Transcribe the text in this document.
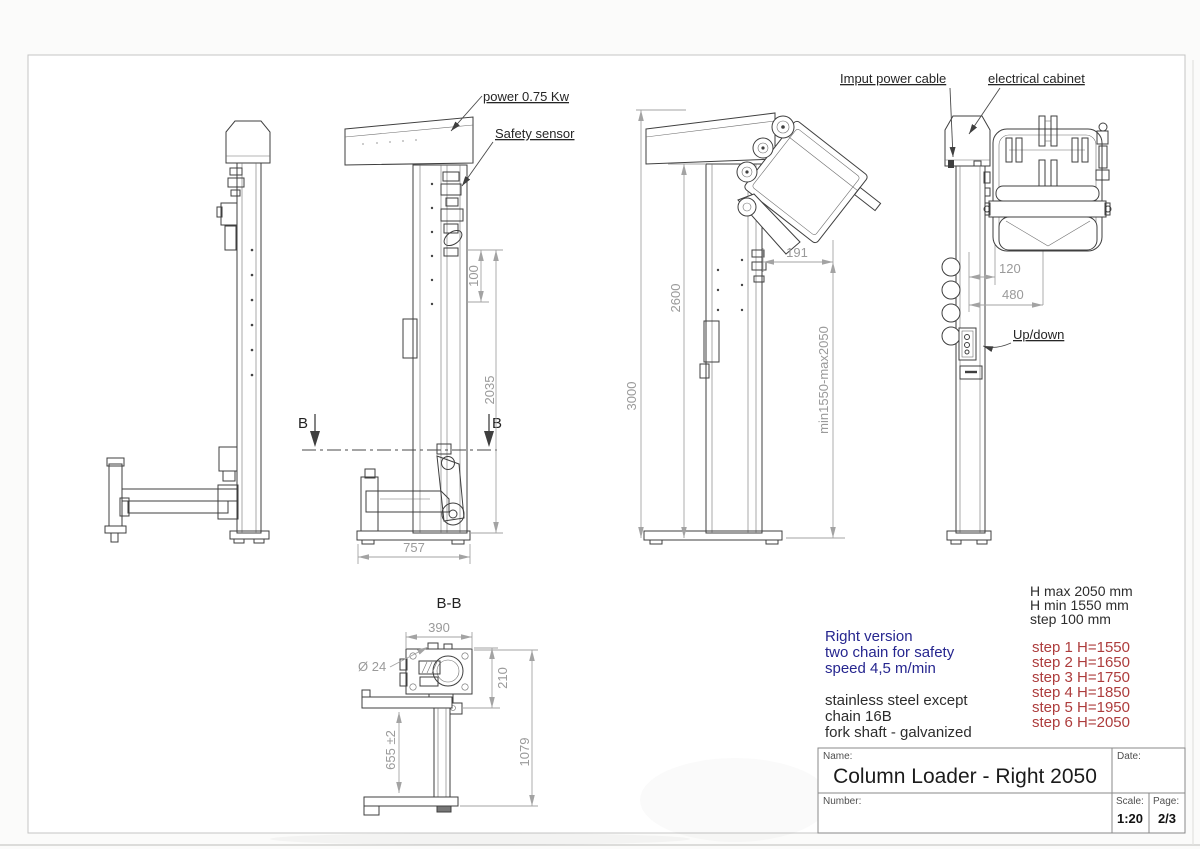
B	B
100
2035
757
power 0.75 Kw
Safety sensor
3000
2600
min1550-max2050
191
120
480
Imput power cable	electrical cabinet
Up/down
B-B
390
Ø 24
210
655 ±2	1079
Right version
two chain for safety
speed 4,5 m/min
stainless steel except
chain 16B
fork shaft - galvanized
H max 2050 mm
H min 1550 mm
step 100 mm
step 1 H=1550
step 2 H=1650
step 3 H=1750
step 4 H=1850
step 5 H=1950
step 6 H=2050
Name:
Column Loader - Right 2050
Date:
Number:	Scale:
1:20
Page:
2/3
